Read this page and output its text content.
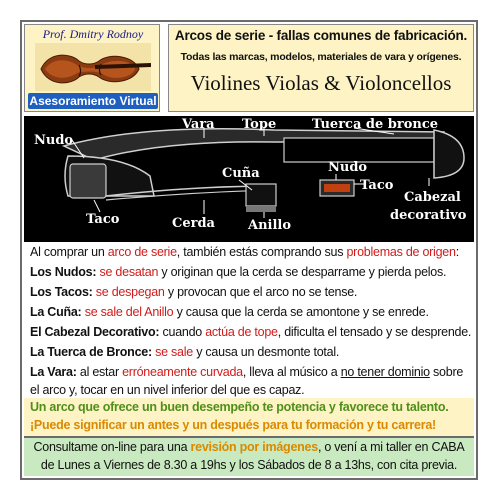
Prof. Dmitry Rodnoy
Asesoramiento Virtual
Arcos de serie - fallas comunes de fabricación.
Todas las marcas, modelos, materiales de vara y orígenes.
Violines Violas & Violoncellos
Nudo
Vara Tope	Tuerca de bronce
Cuña	Nudo
Taco
Cabezal
decorativo
Taco	Cerda	Anillo
Al comprar un arco de serie, también estás comprando sus problemas de origen:
Los Nudos: se desatan y originan que la cerda se desparrame y pierda pelos.
Los Tacos: se despegan y provocan que el arco no se tense.
La Cuña: se sale del Anillo y causa que la cerda se amontone y se enrede.
El Cabezal Decorativo: cuando actúa de tope, dificulta el tensado y se desprende.
La Tuerca de Bronce: se sale y causa un desmonte total.
La Vara: al estar erróneamente curvada, lleva al músico a no tener dominio sobre
el arco y, tocar en un nivel inferior del que es capaz.
Un arco que ofrece un buen desempeño te potencia y favorece tu talento.
¡Puede significar un antes y un después para tu formación y tu carrera!
Consultame on-line para una revisión por imágenes, o vení a mi taller en CABA
de Lunes a Viernes de 8.30 a 19hs y los Sábados de 8 a 13hs, con cita previa.
